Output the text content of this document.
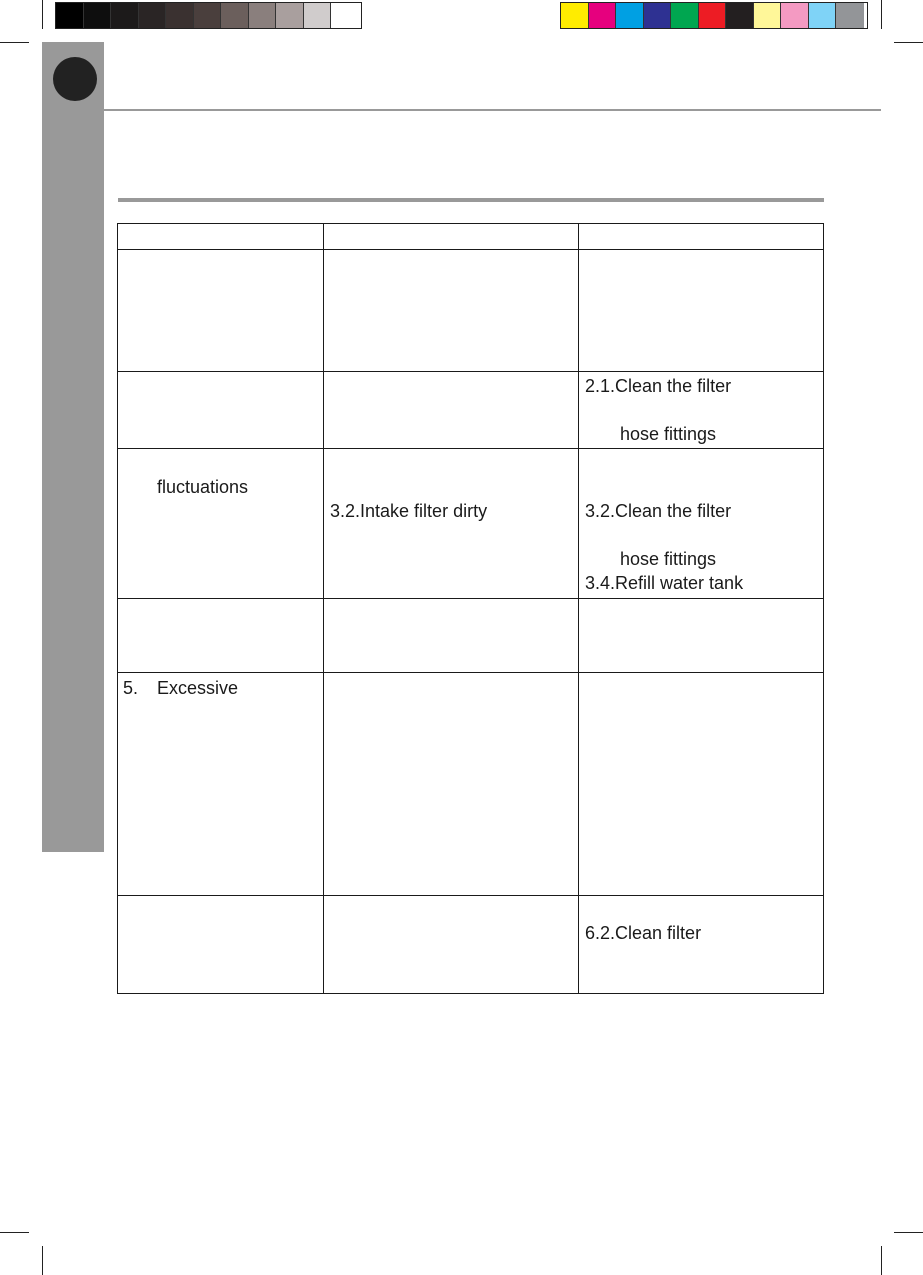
		2.1.Clean the filter
hose fittings

fluctuations	3.2.Intake filter dirty	3.2.Clean the filter
hose fittings
3.4.Refill water tank

5. Excessive		

		6.2.Clean filter
